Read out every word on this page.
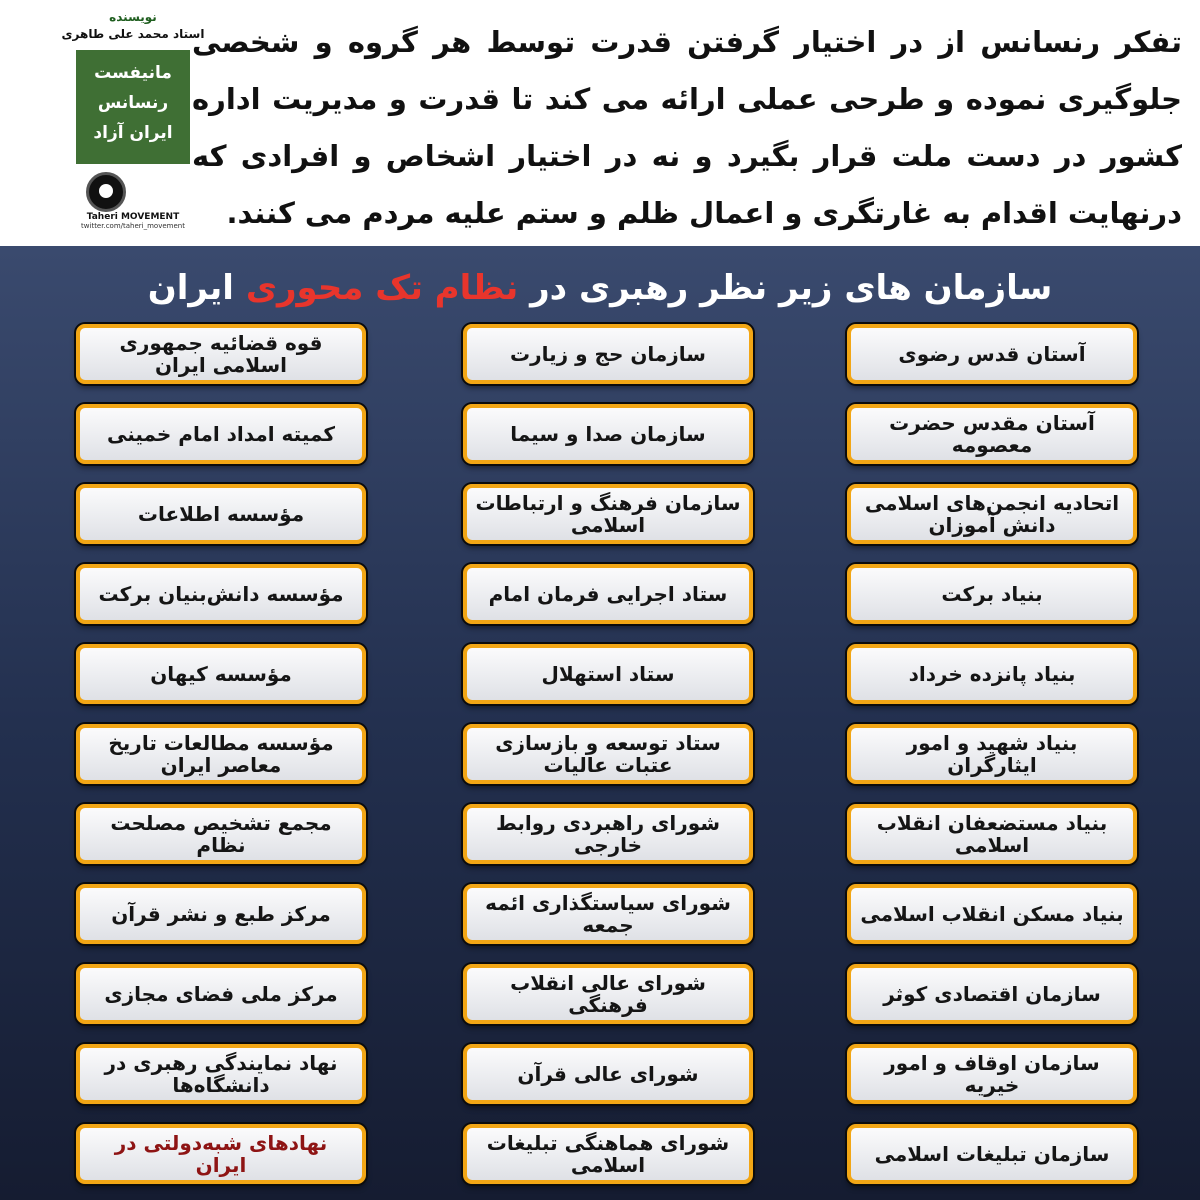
تفکر رنسانس از در اختیار گرفتن قدرت توسط هر گروه و شخصی جلوگیری نموده و طرحی عملی ارائه می کند تا قدرت و مدیریت اداره کشور در دست ملت قرار بگیرد و نه در اختیار اشخاص و افرادی که درنهایت اقدام به غارتگری و اعمال ظلم و ستم علیه مردم می کنند.
نویسنده
استاد محمد علی طاهری
مانیفست
رنسانس
ایران آزاد
Taheri MOVEMENT
twitter.com/taheri_movement
سازمان های زیر نظر رهبری در نظام تک محوری ایران
آستان قدس رضوی
آستان مقدس حضرت معصومه
اتحادیه انجمن‌های اسلامی دانش آموزان
بنیاد برکت
بنیاد پانزده خرداد
بنیاد شهید و امور ایثارگران
بنیاد مستضعفان انقلاب اسلامی
بنیاد مسکن انقلاب اسلامی
سازمان اقتصادی کوثر
سازمان اوقاف و امور خیریه
سازمان تبلیغات اسلامی
سازمان حج و زیارت
سازمان صدا و سیما
سازمان فرهنگ و ارتباطات اسلامی
ستاد اجرایی فرمان امام
ستاد استهلال
ستاد توسعه و بازسازی عتبات عالیات
شورای راهبردی روابط خارجی
شورای سیاستگذاری ائمه جمعه
شورای عالی انقلاب فرهنگی
شورای عالی قرآن
شورای هماهنگی تبلیغات اسلامی
قوه قضائیه جمهوری اسلامی ایران
کمیته امداد امام خمینی
مؤسسه اطلاعات
مؤسسه دانش‌بنیان برکت
مؤسسه کیهان
مؤسسه مطالعات تاریخ معاصر ایران
مجمع تشخیص مصلحت نظام
مرکز طبع و نشر قرآن
مرکز ملی فضای مجازی
نهاد نمایندگی رهبری در دانشگاه‌ها
نهادهای شبه‌دولتی در ایران
